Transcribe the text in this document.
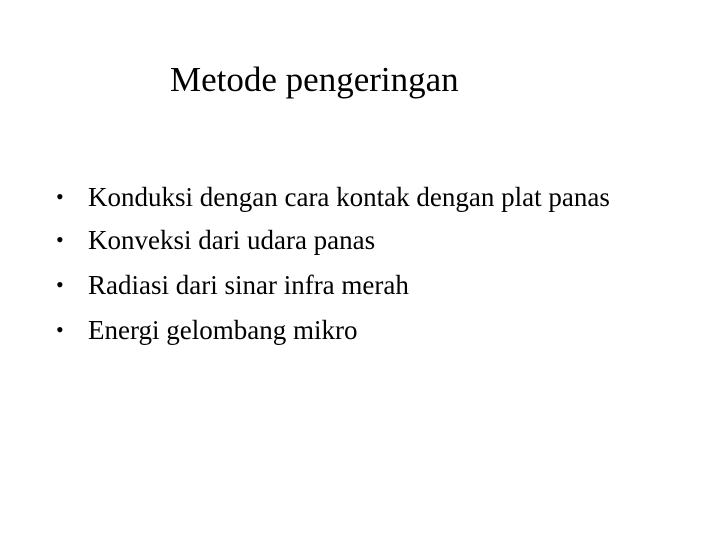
Metode pengeringan
• Konduksi dengan cara kontak dengan plat panas
• Konveksi dari udara panas
• Radiasi dari sinar infra merah
• Energi gelombang mikro
